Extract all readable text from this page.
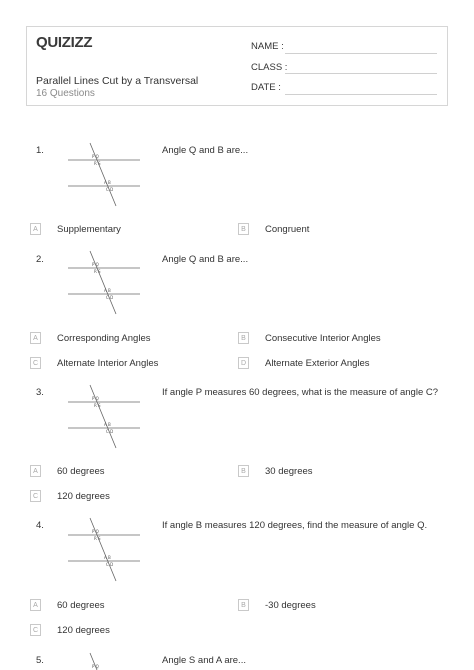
QUIZIZZ
Parallel Lines Cut by a Transversal
16 Questions
NAME :
CLASS :
DATE :
1.
P Q
R S
A B
C D
Angle Q and B are...
A	Supplementary	B	Congruent
2.	P Q
R S
A B
C D
Angle Q and B are...
A	Corresponding Angles	B	Consecutive Interior Angles
C	Alternate Interior Angles	D	Alternate Exterior Angles
3.
P Q
R S
A B
C D
If angle P measures 60 degrees, what is the measure of angle C?
A	60 degrees	B	30 degrees
C	120 degrees
4.
P Q
R S
A B
C D
If angle B measures 120 degrees, find the measure of angle Q.
A	60 degrees	B	-30 degrees
C	120 degrees
5.
P Q
Angle S and A are...
